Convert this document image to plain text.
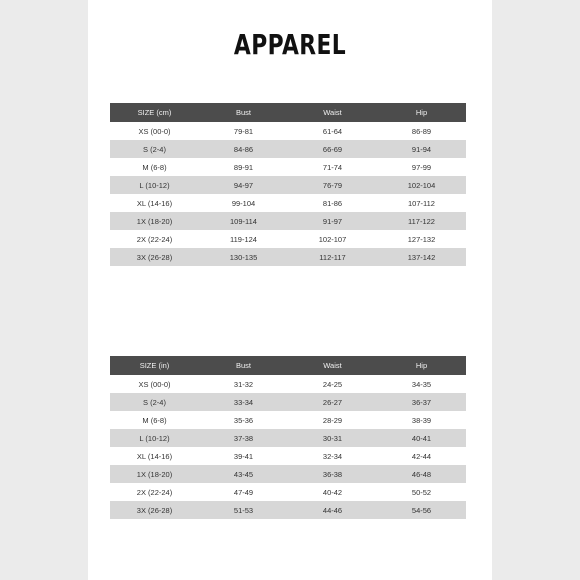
APPAREL
SIZE (cm)	Bust	Waist	Hip
XS (00-0)	79-81	61-64	86-89
S (2-4)	84-86	66-69	91-94
M (6-8)	89-91	71-74	97-99
L (10-12)	94-97	76-79	102-104
XL (14-16)	99-104	81-86	107-112
1X (18-20)	109-114	91-97	117-122
2X (22-24)	119-124	102-107	127-132
3X (26-28)	130-135	112-117	137-142
SIZE (in)	Bust	Waist	Hip
XS (00-0)	31-32	24-25	34-35
S (2-4)	33-34	26-27	36-37
M (6-8)	35-36	28-29	38-39
L (10-12)	37-38	30-31	40-41
XL (14-16)	39-41	32-34	42-44
1X (18-20)	43-45	36-38	46-48
2X (22-24)	47-49	40-42	50-52
3X (26-28)	51-53	44-46	54-56
